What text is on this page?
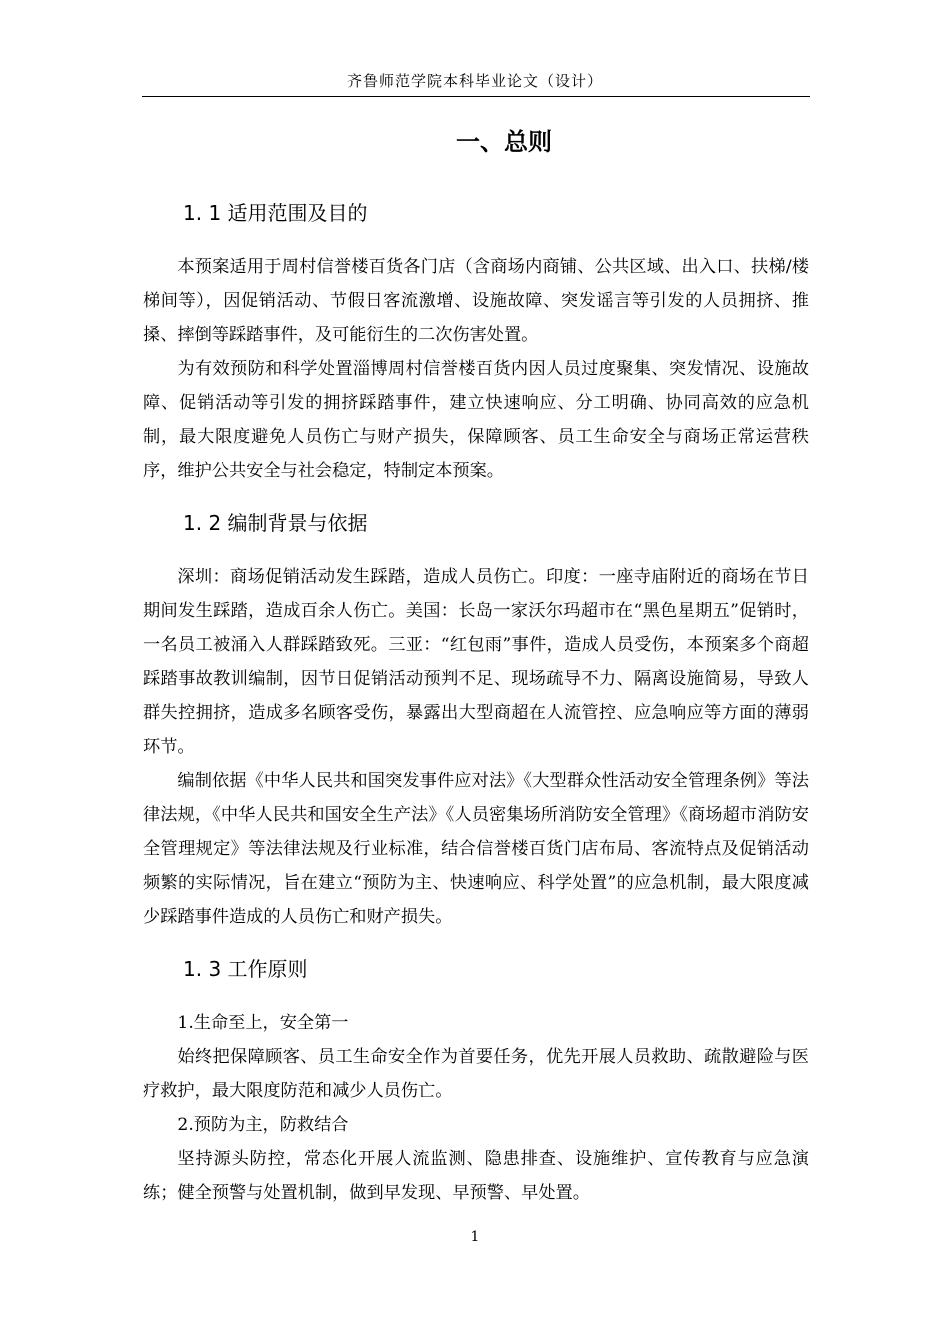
齐鲁师范学院本科毕业论文（设计）
一、总则
1. 1 适用范围及目的

本预案适用于周村信誉楼百货各门店（含商场内商铺、公共区域、出入口、扶梯/楼梯间等），因促销活动、节假日客流激增、设施故障、突发谣言等引发的人员拥挤、推搡、摔倒等踩踏事件，及可能衍生的二次伤害处置。

为有效预防和科学处置淄博周村信誉楼百货内因人员过度聚集、突发情况、设施故障、促销活动等引发的拥挤踩踏事件，建立快速响应、分工明确、协同高效的应急机制，最大限度避免人员伤亡与财产损失，保障顾客、员工生命安全与商场正常运营秩序，维护公共安全与社会稳定，特制定本预案。

1. 2 编制背景与依据

深圳：商场促销活动发生踩踏，造成人员伤亡。印度：一座寺庙附近的商场在节日期间发生踩踏，造成百余人伤亡。美国：长岛一家沃尔玛超市在“黑色星期五”促销时，一名员工被涌入人群踩踏致死。三亚：“红包雨”事件，造成人员受伤，本预案多个商超踩踏事故教训编制，因节日促销活动预判不足、现场疏导不力、隔离设施简易，导致人群失控拥挤，造成多名顾客受伤，暴露出大型商超在人流管控、应急响应等方面的薄弱环节。

编制依据《中华人民共和国突发事件应对法》《大型群众性活动安全管理条例》等法律法规，《中华人民共和国安全生产法》《人员密集场所消防安全管理》《商场超市消防安全管理规定》等法律法规及行业标准，结合信誉楼百货门店布局、客流特点及促销活动频繁的实际情况，旨在建立“预防为主、快速响应、科学处置”的应急机制，最大限度减少踩踏事件造成的人员伤亡和财产损失。

1. 3 工作原则

1.生命至上，安全第一

始终把保障顾客、员工生命安全作为首要任务，优先开展人员救助、疏散避险与医疗救护，最大限度防范和减少人员伤亡。

2.预防为主，防救结合

坚持源头防控，常态化开展人流监测、隐患排查、设施维护、宣传教育与应急演练；健全预警与处置机制，做到早发现、早预警、早处置。

1
